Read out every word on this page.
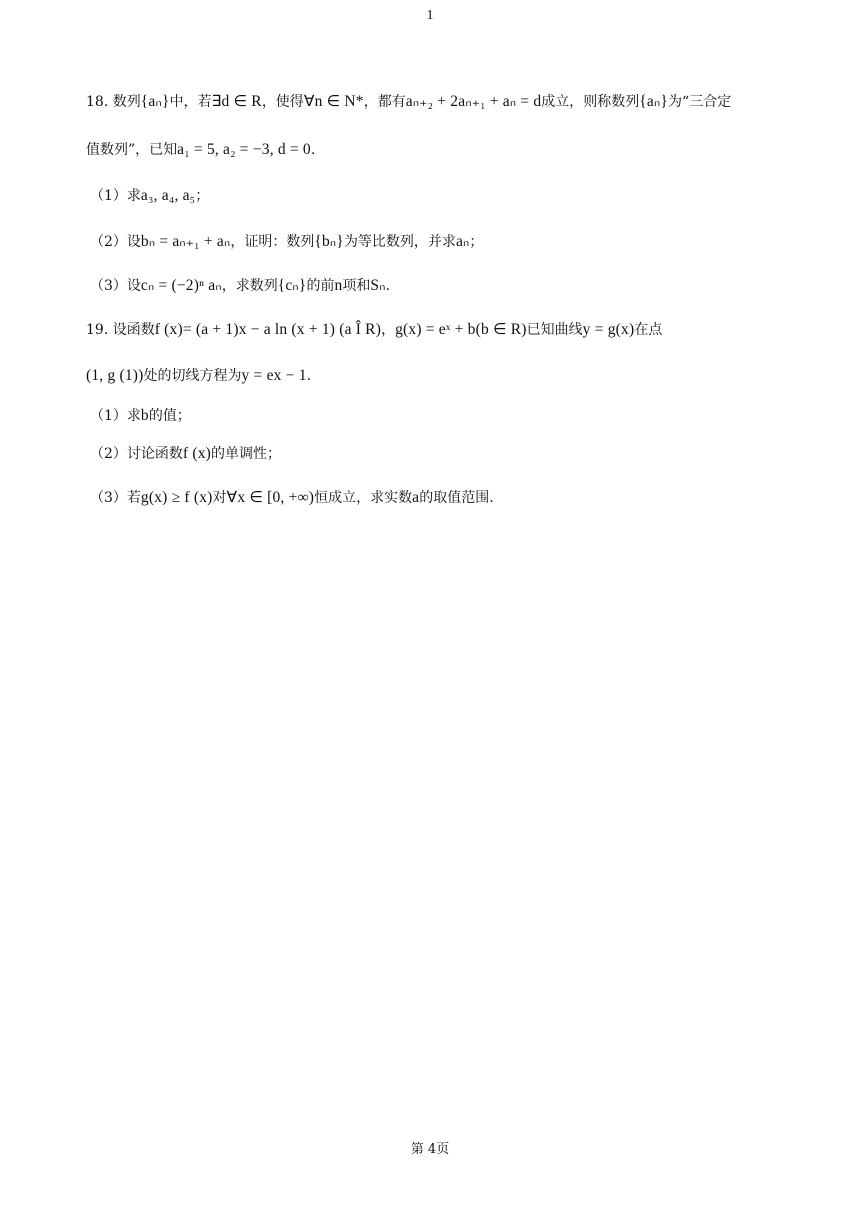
1
18. 数列{aₙ}中，若∃d ∈ R，使得∀n ∈ N*，都有aₙ₊₂ + 2aₙ₊₁ + aₙ = d成立，则称数列{aₙ}为“三合定
值数列”，已知a₁ = 5, a₂ = −3, d = 0.
（1）求a₃, a₄, a₅；
（2）设bₙ = aₙ₊₁ + aₙ，证明：数列{bₙ}为等比数列，并求aₙ；
（3）设cₙ = (−2)ⁿ aₙ，求数列{cₙ}的前n项和Sₙ.
19. 设函数f (x)= (a + 1)x − a ln (x + 1) (a Î R)，g(x) = eˣ + b(b ∈ R)已知曲线y = g(x)在点
(1, g (1))处的切线方程为y = ex − 1.
（1）求b的值；
（2）讨论函数f (x)的单调性；
（3）若g(x) ≥ f (x)对∀x ∈ [0, +∞)恒成立，求实数a的取值范围.
第 4页
